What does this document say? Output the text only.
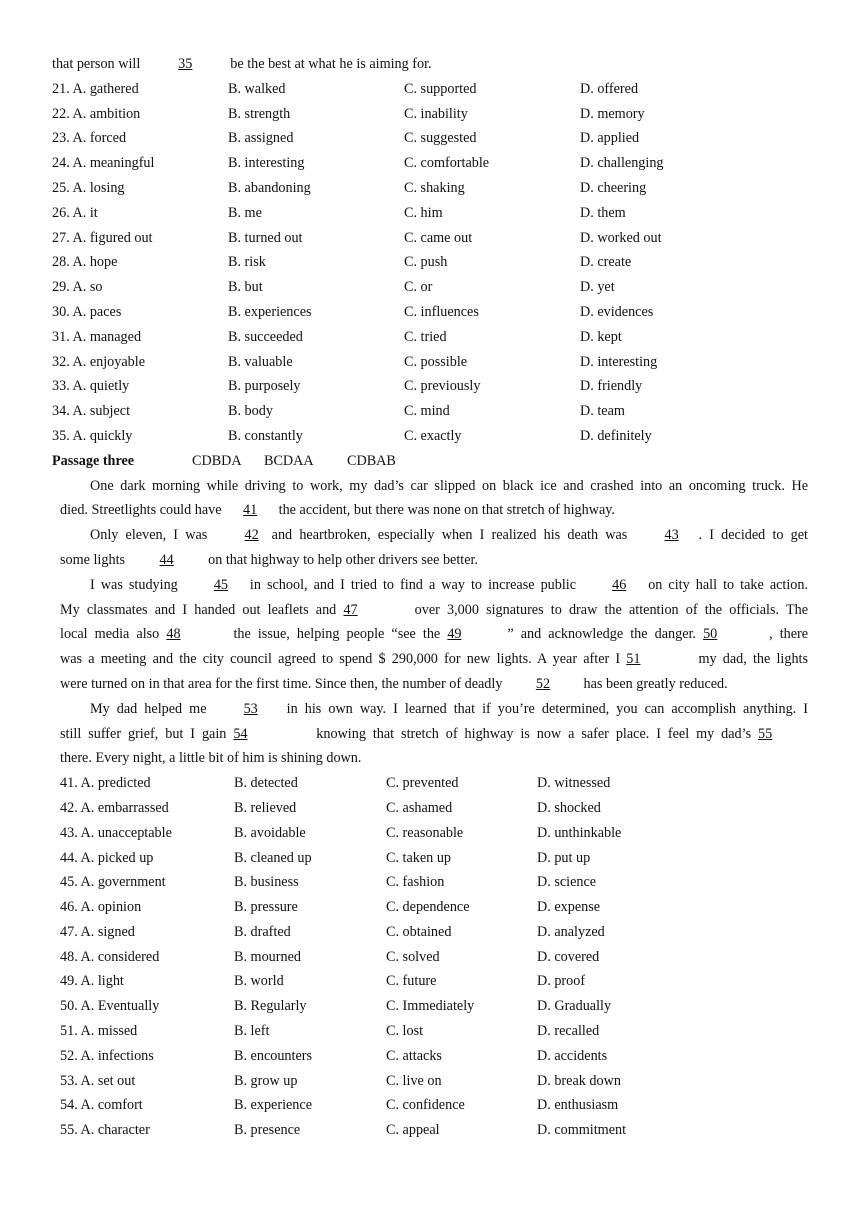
that person will	35	be the best at what he is aiming for.
21. A. gathered	B. walked	C. supported	D. offered
22. A. ambition	B. strength	C. inability	D. memory
23. A. forced	B. assigned	C. suggested	D. applied
24. A. meaningful	B. interesting	C. comfortable	D. challenging
25. A. losing	B. abandoning	C. shaking	D. cheering
26. A. it	B. me	C. him	D. them
27. A. figured out	B. turned out	C. came out	D. worked out
28. A. hope	B. risk	C. push	D. create
29. A. so	B. but	C. or	D. yet
30. A. paces	B. experiences	C. influences	D. evidences
31. A. managed	B. succeeded	C. tried	D. kept
32. A. enjoyable	B. valuable	C. possible	D. interesting
33. A. quietly	B. purposely	C. previously	D. friendly
34. A. subject	B. body	C. mind	D. team
35. A. quickly	B. constantly	C. exactly	D. definitely
Passage three	CDBDA BCDAA CDBAB
One dark morning while driving to work, my dad’s car slipped on black ice and crashed into an oncoming truck. He
died. Streetlights could have 41 the accident, but there was none on that stretch of highway.
Only eleven, I was	42 and heartbroken, especially when I realized his death was	43 . I decided to get
some lights 44 on that highway to help other drivers see better.
I was studying	45 in school, and I tried to find a way to increase public	46 on city hall to take action.
My classmates and I handed out leaflets and 47	over 3,000 signatures to draw the attention of the officials. The
local media also 48	the issue, helping people “see the 49	” and acknowledge the danger. 50	, there
was a meeting and the city council agreed to spend $ 290,000 for new lights. A year after I 51	my dad, the lights
were turned on in that area for the first time. Since then, the number of deadly 52 has been greatly reduced.
My dad helped me	53 in his own way. I learned that if you’re determined, you can accomplish anything. I
still suffer grief, but I gain 54	knowing that stretch of highway is now a safer place. I feel my dad’s 55
there. Every night, a little bit of him is shining down.
41. A. predicted	B. detected	C. prevented	D. witnessed
42. A. embarrassed	B. relieved	C. ashamed	D. shocked
43. A. unacceptable	B. avoidable	C. reasonable	D. unthinkable
44. A. picked up	B. cleaned up	C. taken up	D. put up
45. A. government	B. business	C. fashion	D. science
46. A. opinion	B. pressure	C. dependence	D. expense
47. A. signed	B. drafted	C. obtained	D. analyzed
48. A. considered	B. mourned	C. solved	D. covered
49. A. light	B. world	C. future	D. proof
50. A. Eventually	B. Regularly	C. Immediately	D. Gradually
51. A. missed	B. left	C. lost	D. recalled
52. A. infections	B. encounters	C. attacks	D. accidents
53. A. set out	B. grow up	C. live on	D. break down
54. A. comfort	B. experience	C. confidence	D. enthusiasm
55. A. character	B. presence	C. appeal	D. commitment
